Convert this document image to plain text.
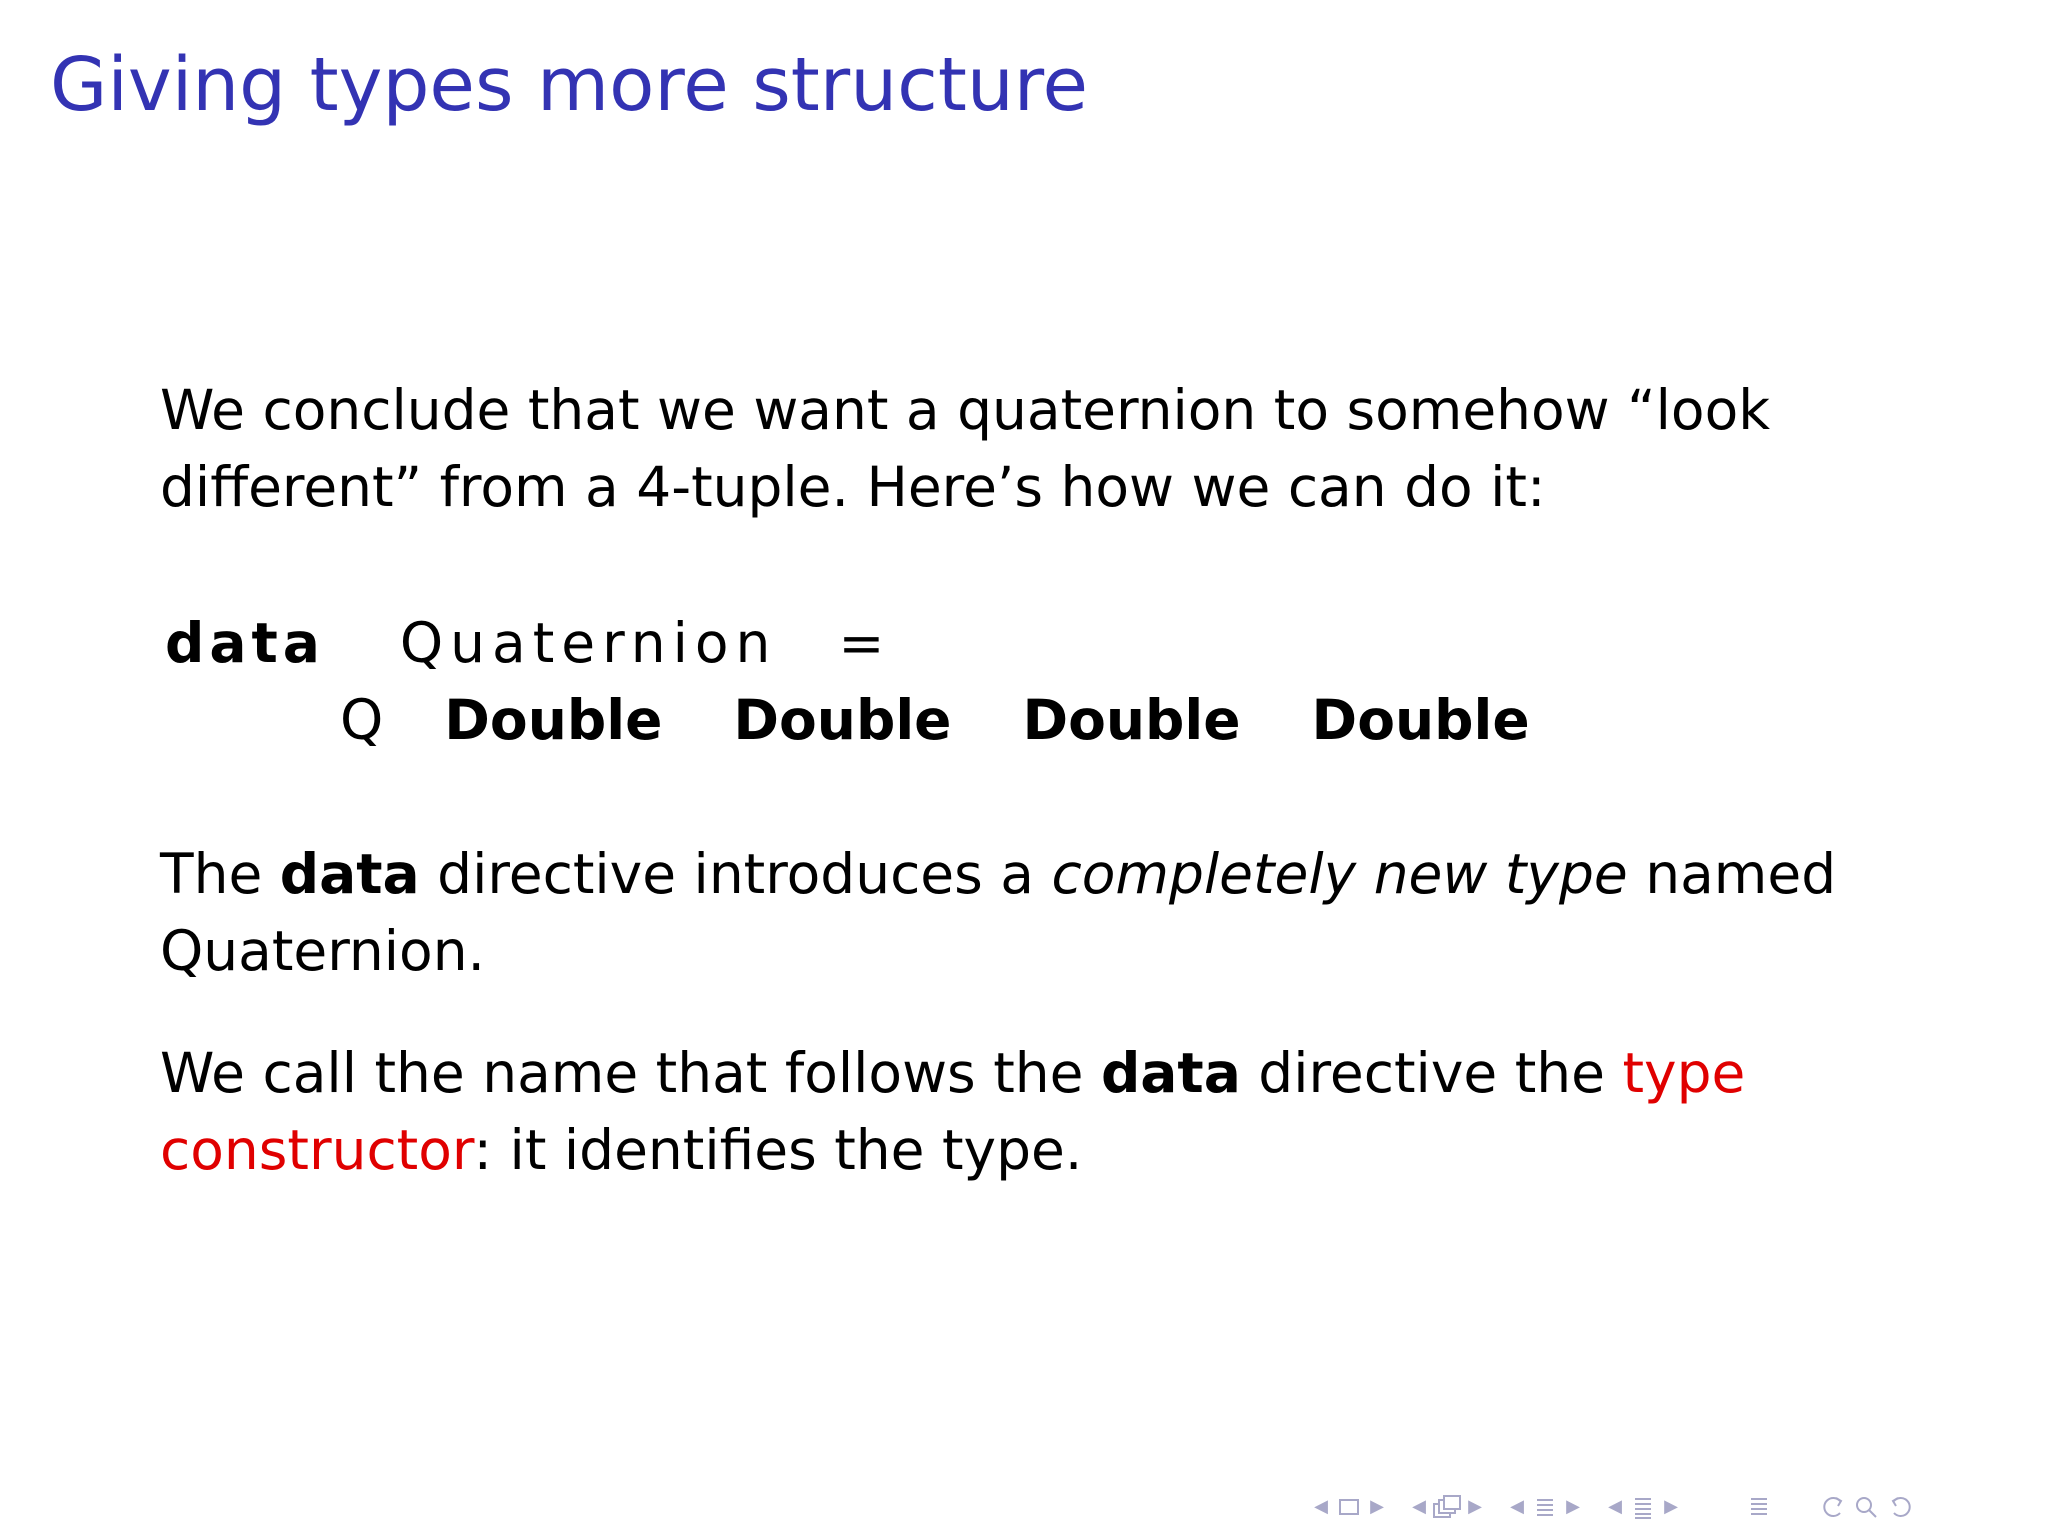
Giving types more structure
We conclude that we want a quaternion to somehow “look
different” from a 4-tuple. Here’s how we can do it:
data Quaternion =
Q Double Double Double Double
The data directive introduces a completely new type named
Quaternion.
We call the name that follows the data directive the type
constructor: it identifies the type.
◀ ▶ ◀ ▶ ◀ ▶ ◀ ▶
